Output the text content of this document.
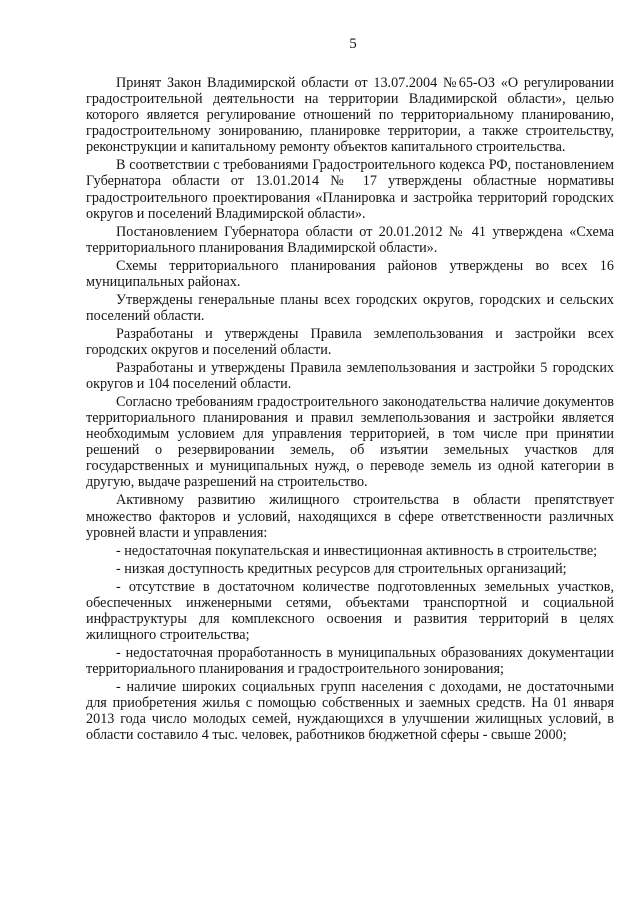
5

Принят Закон Владимирской области от 13.07.2004 №65-ОЗ «О регулировании градостроительной деятельности на территории Владимирской области», целью которого является регулирование отношений по территориальному планированию, градостроительному зонированию, планировке территории, а также строительству, реконструкции и капитальному ремонту объектов капитального строительства.

В соответствии с требованиями Градостроительного кодекса РФ, постановлением Губернатора области от 13.01.2014 № 17 утверждены областные нормативы градостроительного проектирования «Планировка и застройка территорий городских округов и поселений Владимирской области».

Постановлением Губернатора области от 20.01.2012 № 41 утверждена «Схема территориального планирования Владимирской области».

Схемы территориального планирования районов утверждены во всех 16 муниципальных районах.

Утверждены генеральные планы всех городских округов, городских и сельских поселений области.

Разработаны и утверждены Правила землепользования и застройки всех городских округов и поселений области.

Разработаны и утверждены Правила землепользования и застройки 5 городских округов и 104 поселений области.

Согласно требованиям градостроительного законодательства наличие документов территориального планирования и правил землепользования и застройки является необходимым условием для управления территорией, в том числе при принятии решений о резервировании земель, об изъятии земельных участков для государственных и муниципальных нужд, о переводе земель из одной категории в другую, выдаче разрешений на строительство.

Активному развитию жилищного строительства в области препятствует множество факторов и условий, находящихся в сфере ответственности различных уровней власти и управления:

- недостаточная покупательская и инвестиционная активность в строительстве;

- низкая доступность кредитных ресурсов для строительных организаций;

- отсутствие в достаточном количестве подготовленных земельных участков, обеспеченных инженерными сетями, объектами транспортной и социальной инфраструктуры для комплексного освоения и развития территорий в целях жилищного строительства;

- недостаточная проработанность в муниципальных образованиях документации территориального планирования и градостроительного зонирования;

- наличие широких социальных групп населения с доходами, не достаточными для приобретения жилья с помощью собственных и заемных средств. На 01 января 2013 года число молодых семей, нуждающихся в улучшении жилищных условий, в области составило 4 тыс. человек, работников бюджетной сферы - свыше 2000;
